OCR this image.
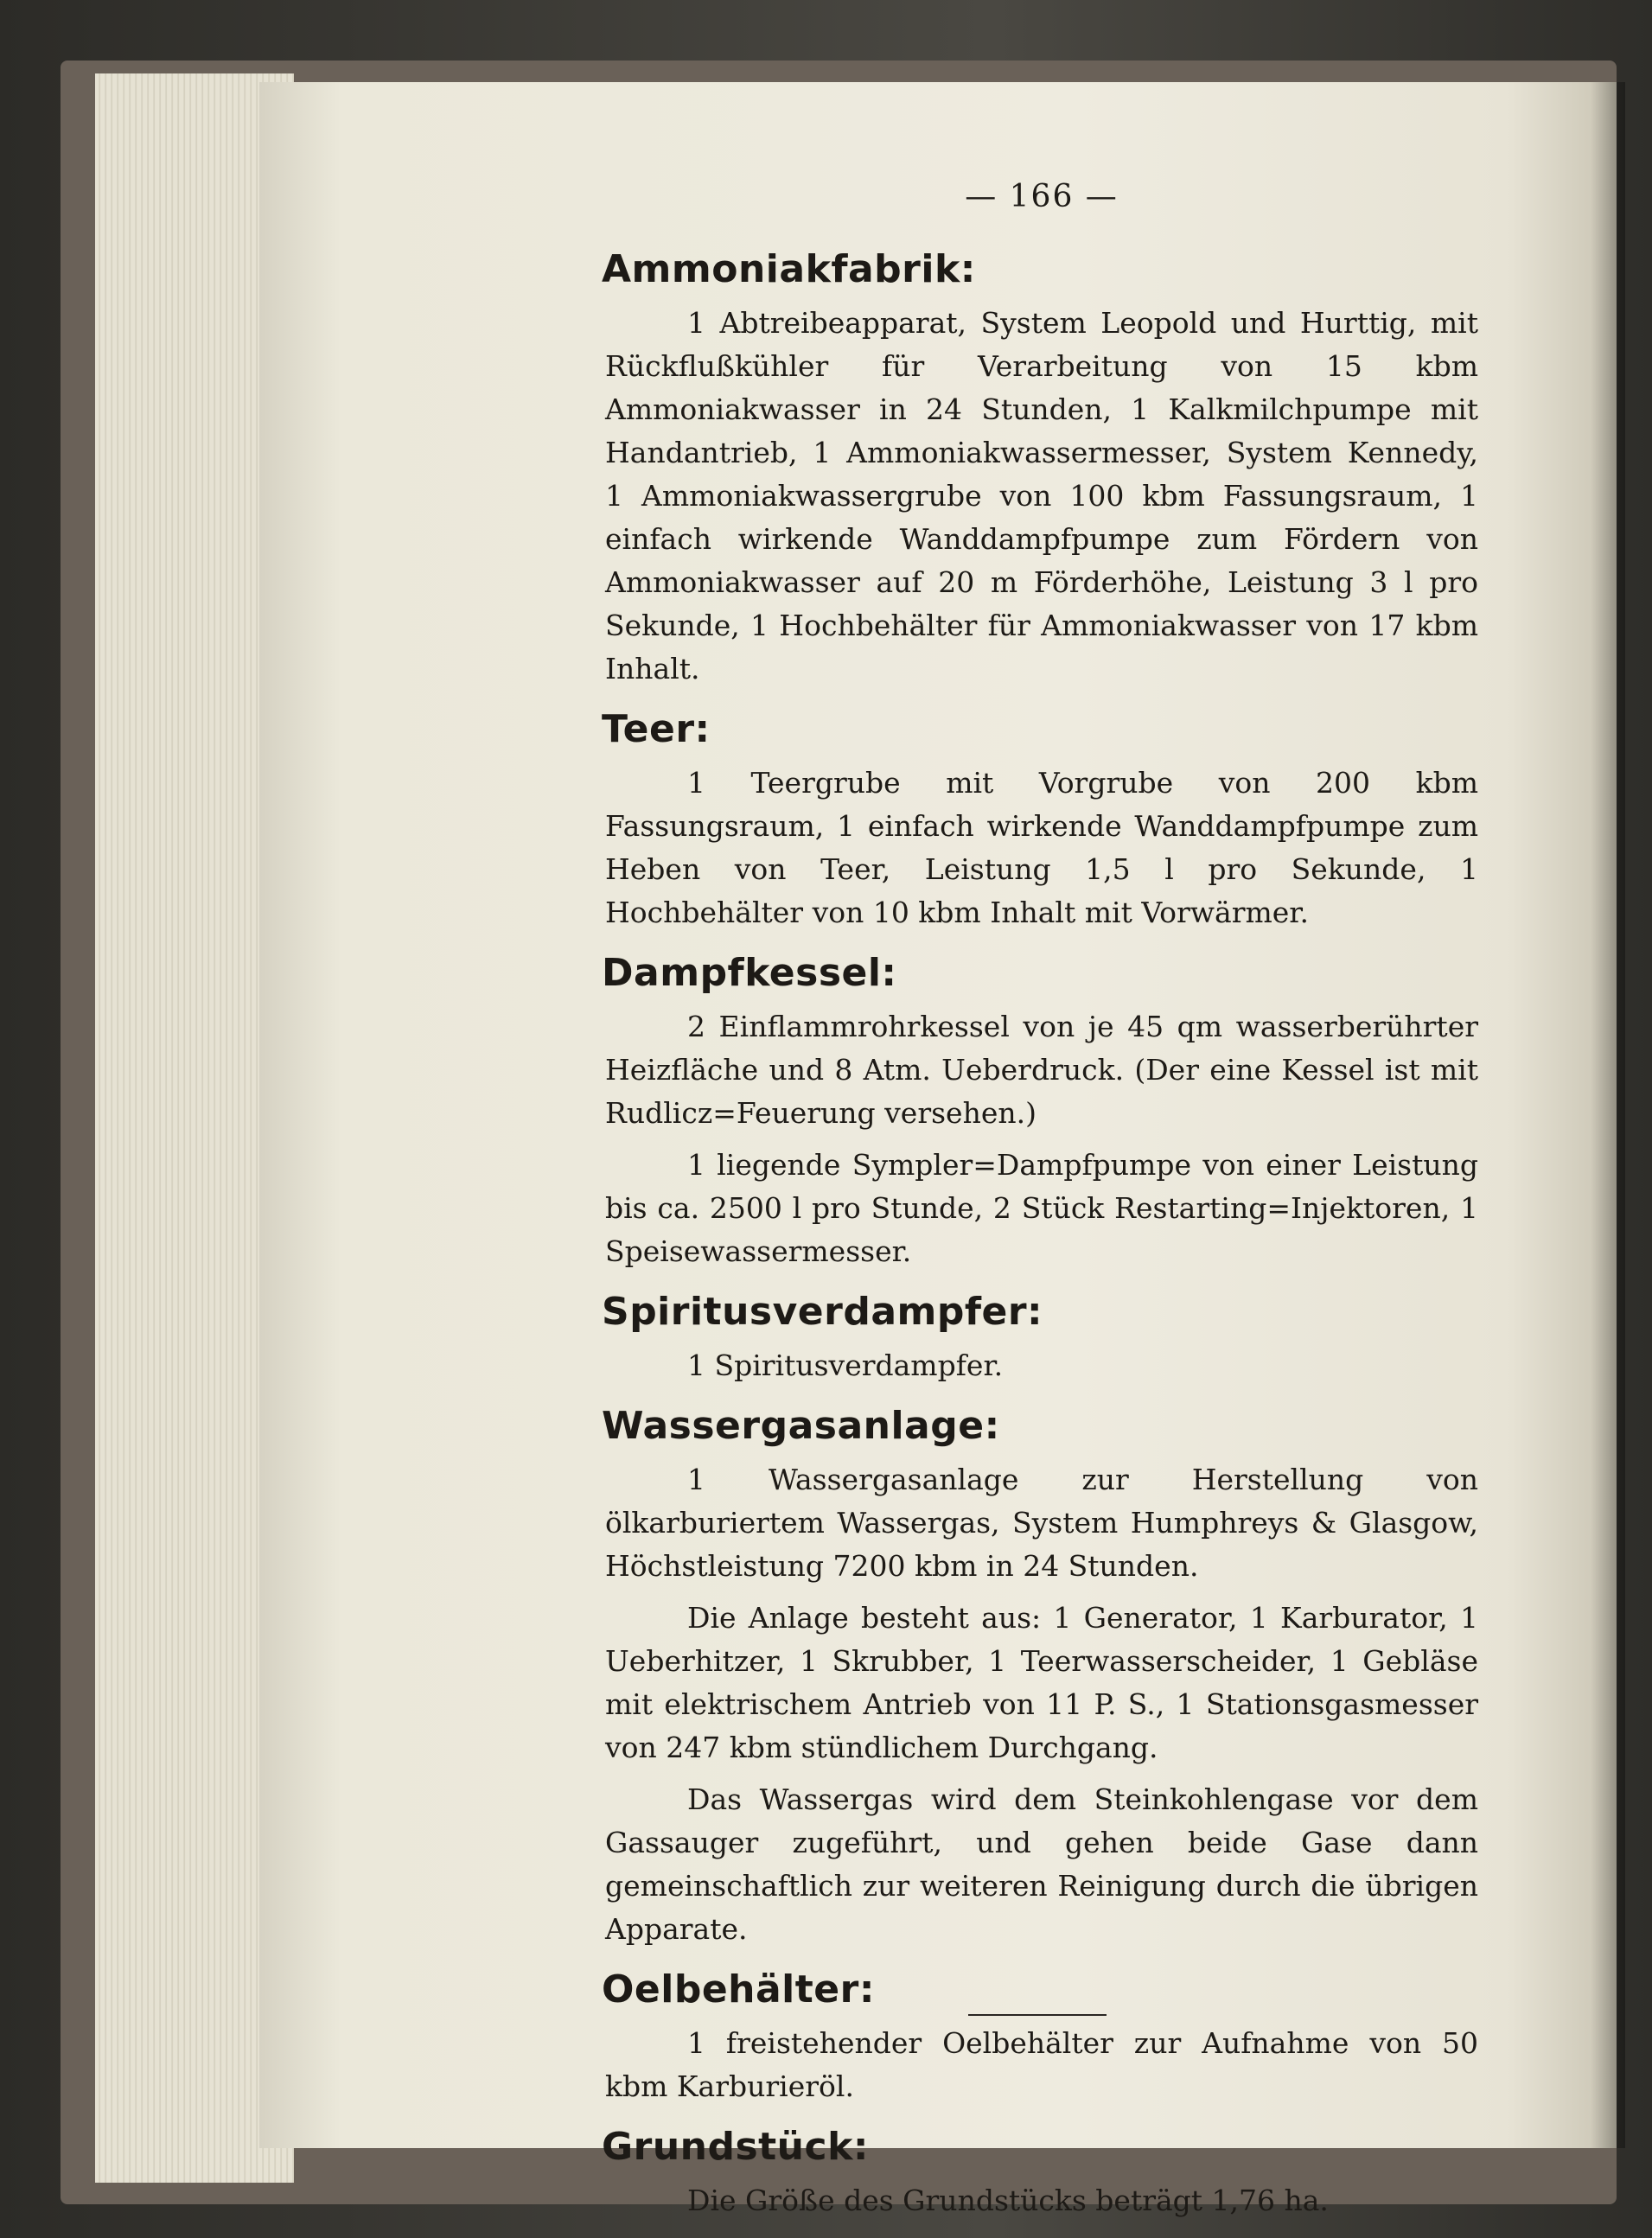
— 166 —
Ammoniakfabrik:

1 Abtreibeapparat, System Leopold und Hurttig, mit Rückflußkühler für Verarbeitung von 15 kbm Ammoniakwasser in 24 Stunden, 1 Kalkmilchpumpe mit Handantrieb, 1 Ammoniakwassermesser, System Kennedy, 1 Ammoniakwassergrube von 100 kbm Fassungsraum, 1 einfach wirkende Wanddampfpumpe zum Fördern von Ammoniakwasser auf 20 m Förderhöhe, Leistung 3 l pro Sekunde, 1 Hochbehälter für Ammoniakwasser von 17 kbm Inhalt.

Teer:

1 Teergrube mit Vorgrube von 200 kbm Fassungsraum, 1 einfach wirkende Wanddampfpumpe zum Heben von Teer, Leistung 1,5 l pro Sekunde, 1 Hochbehälter von 10 kbm Inhalt mit Vorwärmer.

Dampfkessel:

2 Einflammrohrkessel von je 45 qm wasserberührter Heizfläche und 8 Atm. Ueberdruck. (Der eine Kessel ist mit Rudlicz=Feuerung versehen.)

1 liegende Sympler=Dampfpumpe von einer Leistung bis ca. 2500 l pro Stunde, 2 Stück Restarting=Injektoren, 1 Speisewassermesser.

Spiritusverdampfer:

1 Spiritusverdampfer.

Wassergasanlage:

1 Wassergasanlage zur Herstellung von ölkarburiertem Wassergas, System Humphreys & Glasgow, Höchstleistung 7200 kbm in 24 Stunden.

Die Anlage besteht aus: 1 Generator, 1 Karburator, 1 Ueberhitzer, 1 Skrubber, 1 Teerwasserscheider, 1 Gebläse mit elektrischem Antrieb von 11 P. S., 1 Stationsgasmesser von 247 kbm stündlichem Durchgang.

Das Wassergas wird dem Steinkohlengase vor dem Gassauger zugeführt, und gehen beide Gase dann gemeinschaftlich zur weiteren Reinigung durch die übrigen Apparate.

Oelbehälter:

1 freistehender Oelbehälter zur Aufnahme von 50 kbm Karburieröl.

Grundstück:

Die Größe des Grundstücks beträgt 1,76 ha.
